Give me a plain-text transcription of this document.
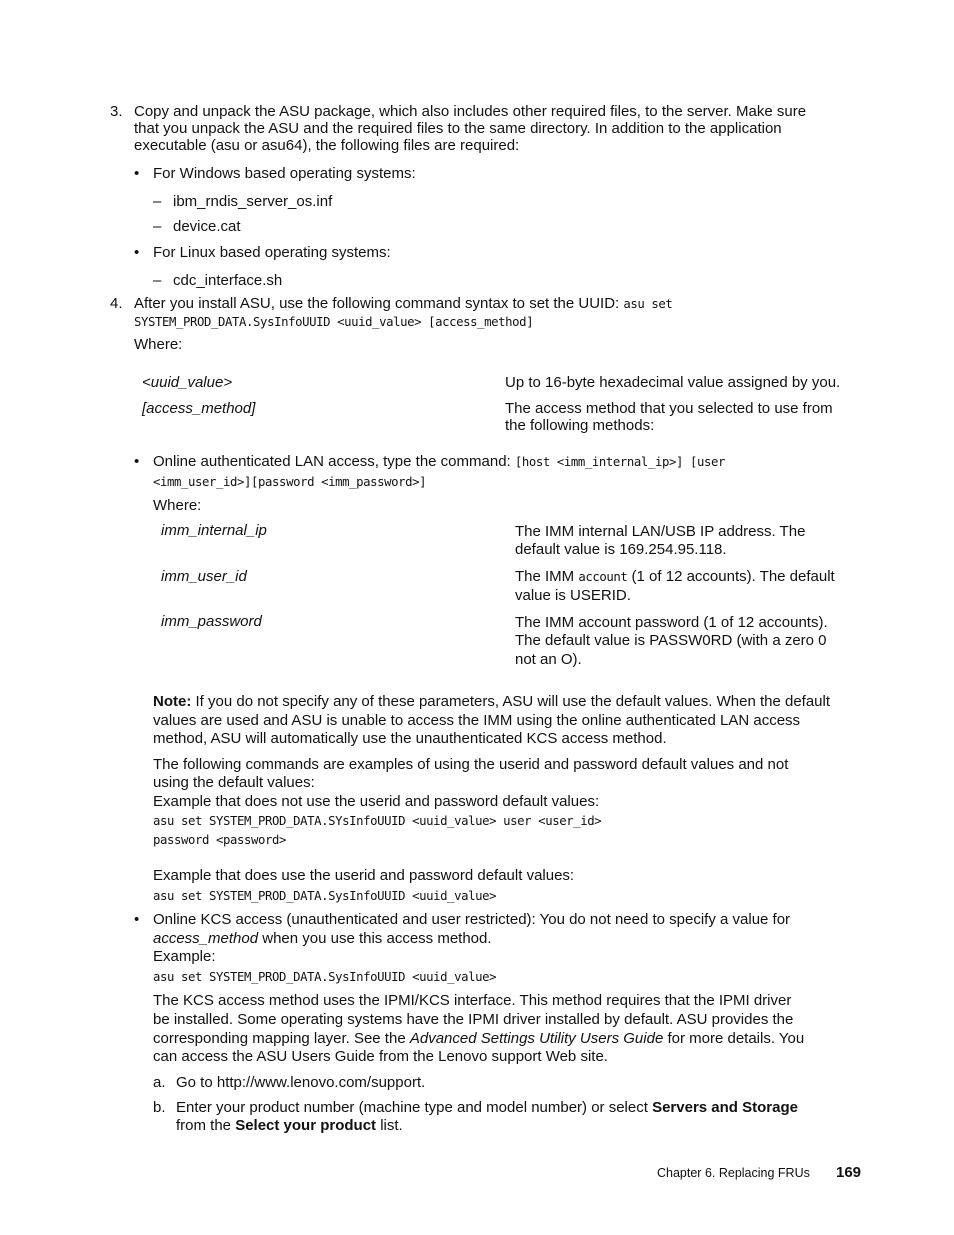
3. Copy and unpack the ASU package, which also includes other required files, to the server. Make sure
that you unpack the ASU and the required files to the same directory. In addition to the application
executable (asu or asu64), the following files are required:
• For Windows based operating systems:
– ibm_rndis_server_os.inf
– device.cat
• For Linux based operating systems:
– cdc_interface.sh
4. After you install ASU, use the following command syntax to set the UUID: asu set
SYSTEM_PROD_DATA.SysInfoUUID <uuid_value> [access_method]
Where:
<uuid_value>	Up to 16-byte hexadecimal value assigned by you.
[access_method]	The access method that you selected to use from
the following methods:
• Online authenticated LAN access, type the command: [host <imm_internal_ip>] [user
<imm_user_id>][password <imm_password>]
Where:
imm_internal_ip	The IMM internal LAN/USB IP address. The
default value is 169.254.95.118.
imm_user_id	The IMM account (1 of 12 accounts). The default
value is USERID.
imm_password	The IMM account password (1 of 12 accounts).
The default value is PASSW0RD (with a zero 0
not an O).
Note: If you do not specify any of these parameters, ASU will use the default values. When the default
values are used and ASU is unable to access the IMM using the online authenticated LAN access
method, ASU will automatically use the unauthenticated KCS access method.
The following commands are examples of using the userid and password default values and not
using the default values:
Example that does not use the userid and password default values:
asu set SYSTEM_PROD_DATA.SYsInfoUUID <uuid_value> user <user_id>
password <password>
Example that does use the userid and password default values:
asu set SYSTEM_PROD_DATA.SysInfoUUID <uuid_value>
• Online KCS access (unauthenticated and user restricted): You do not need to specify a value for
access_method when you use this access method.
Example:
asu set SYSTEM_PROD_DATA.SysInfoUUID <uuid_value>
The KCS access method uses the IPMI/KCS interface. This method requires that the IPMI driver
be installed. Some operating systems have the IPMI driver installed by default. ASU provides the
corresponding mapping layer. See the Advanced Settings Utility Users Guide for more details. You
can access the ASU Users Guide from the Lenovo support Web site.
a. Go to http://www.lenovo.com/support.
b. Enter your product number (machine type and model number) or select Servers and Storage
from the Select your product list.
Chapter 6. Replacing FRUs 169
